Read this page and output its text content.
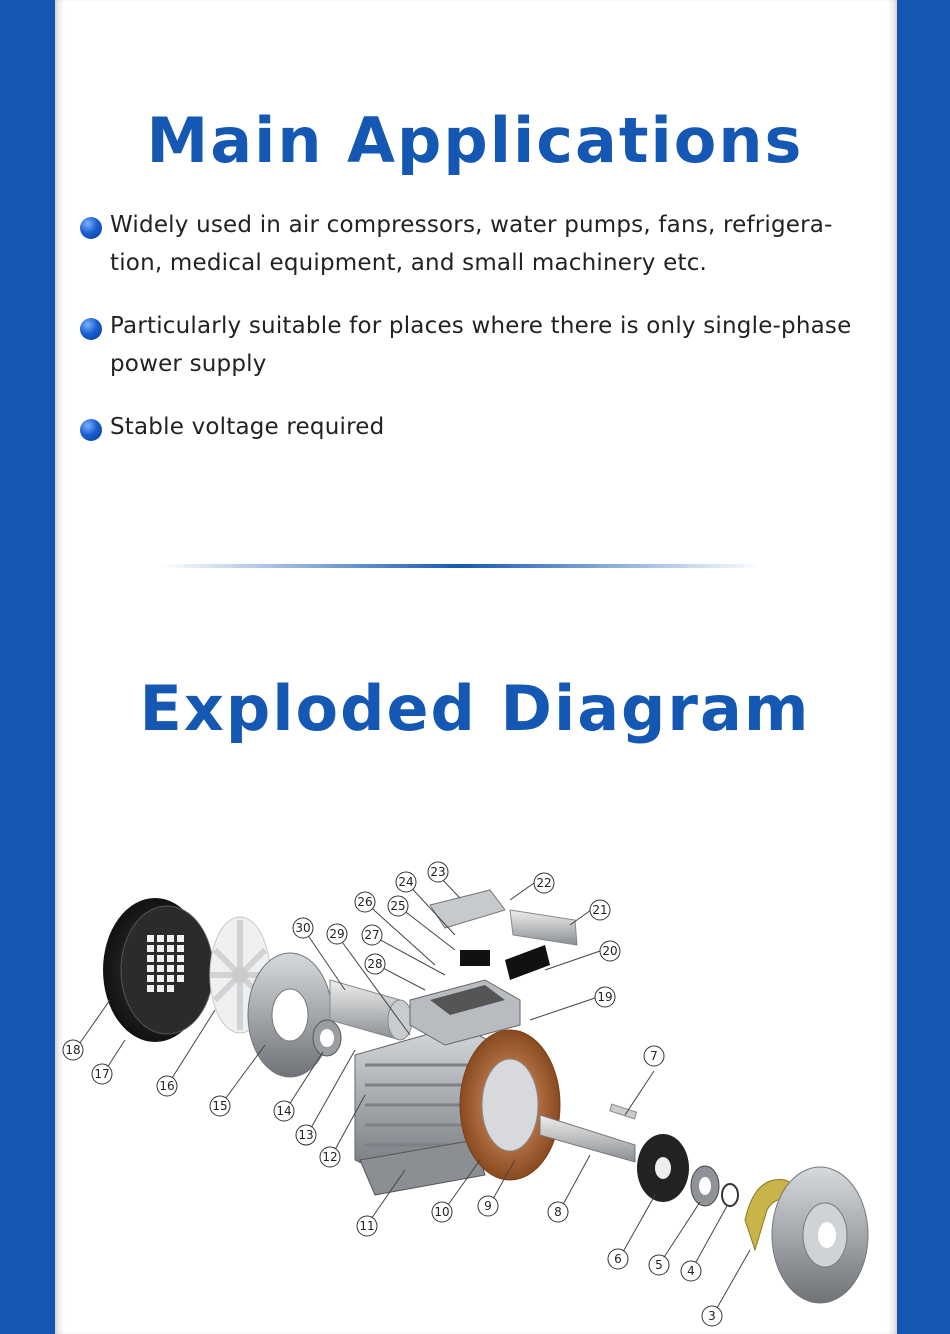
Main Applications
Widely used in air compressors, water pumps, fans, refrigera-
tion, medical equipment, and small machinery etc.
Particularly suitable for places where there is only single-phase power supply
Stable voltage required
Exploded Diagram
3
4
5
6
7
8
9
10
11
12
13
14
15
16
17
18
19
20
21
22
23
24
25
26
27
28
29
30
